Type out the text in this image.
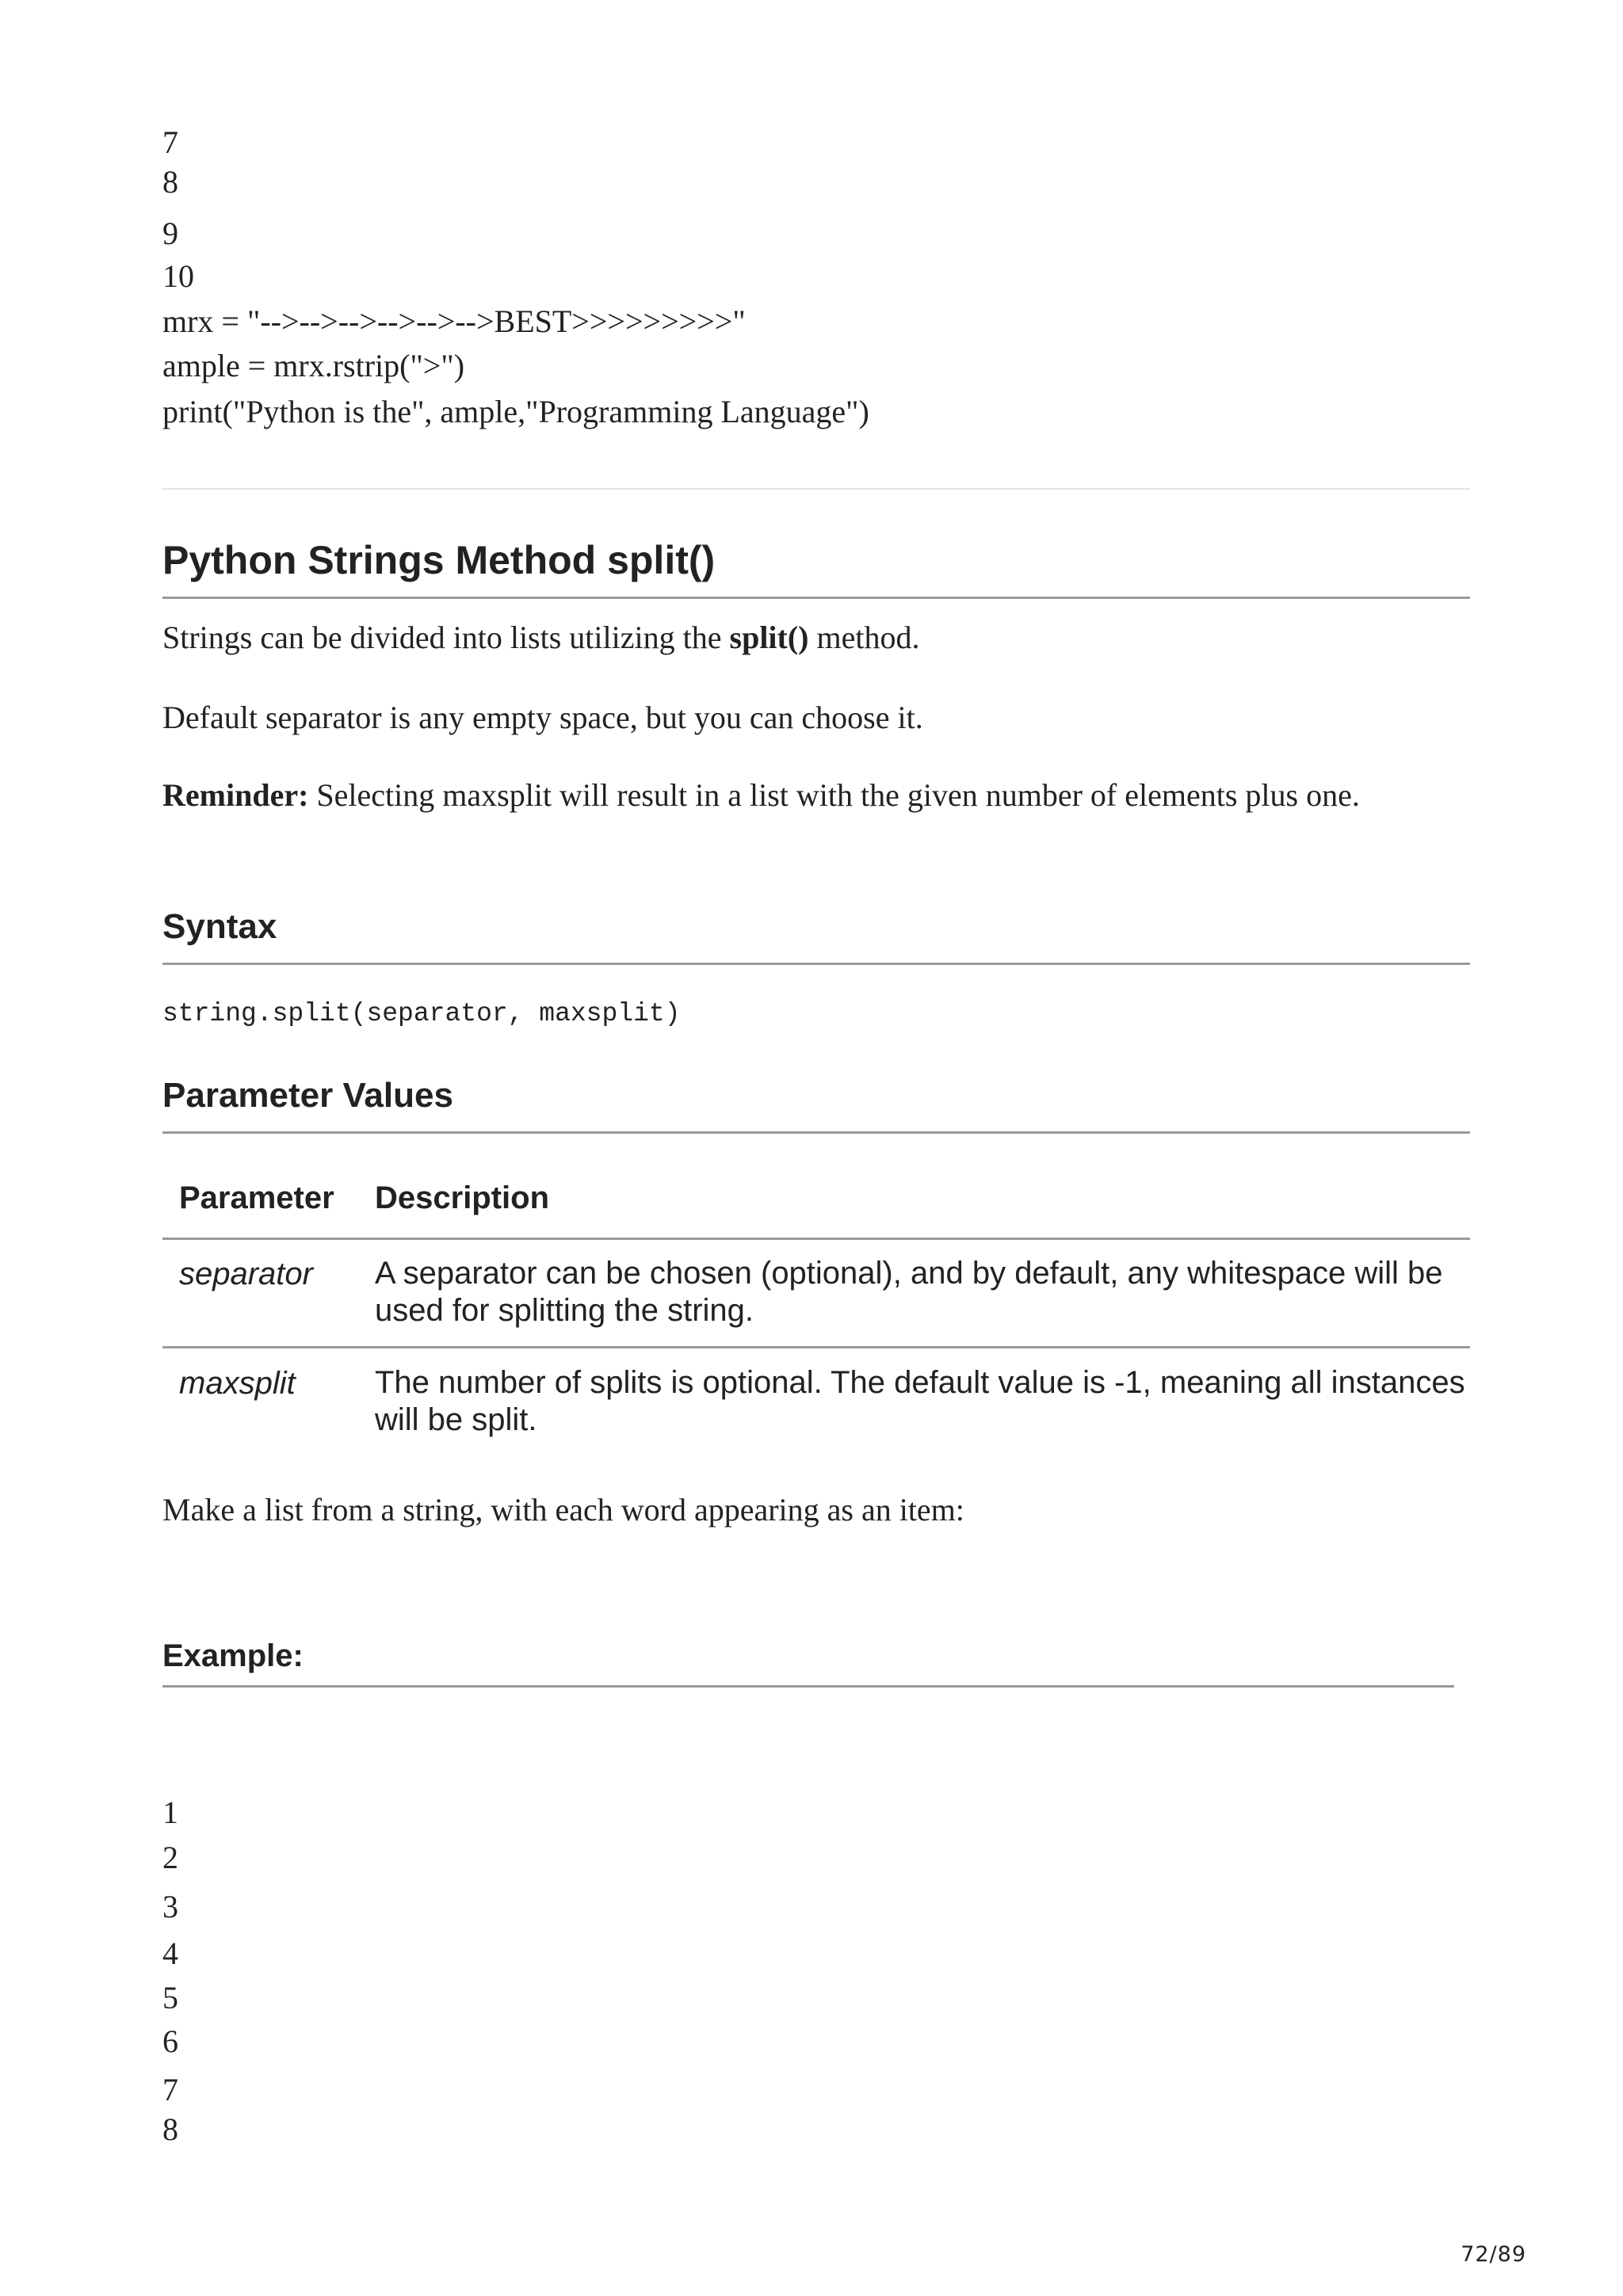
7
8
9
10
mrx = "-->-->-->-->-->-->BEST>>>>>>>>>"
ample = mrx.rstrip(">")
print("Python is the", ample,"Programming Language")
Python Strings Method split()
Strings can be divided into lists utilizing the split() method.
Default separator is any empty space, but you can choose it.
Reminder: Selecting maxsplit will result in a list with the given number of elements plus one.
Syntax
string.split(separator, maxsplit)
Parameter Values
Parameter Description
separator A separator can be chosen (optional), and by default, any whitespace will be used for splitting the string.
maxsplit	The number of splits is optional. The default value is -1, meaning all instances will be split.
Make a list from a string, with each word appearing as an item:
Example:
1
2
3
4
5
6
7
8
72/89
